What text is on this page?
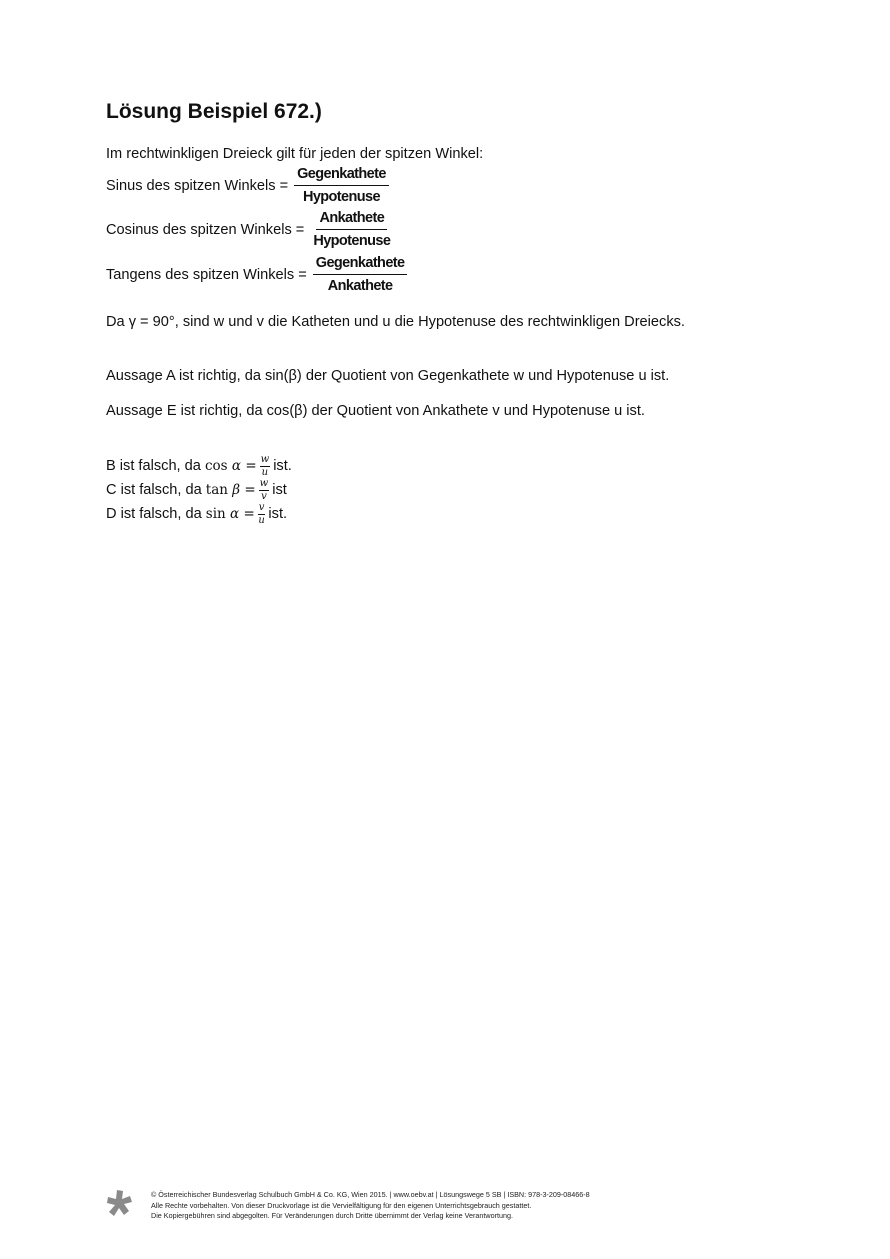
Lösung Beispiel 672.)
Im rechtwinkligen Dreieck gilt für jeden der spitzen Winkel:
Sinus des spitzen Winkels = $\frac{\text{Gegenkathete}}{\text{Hypotenuse}}$
Cosinus des spitzen Winkels = $\frac{\text{Ankathete}}{\text{Hypotenuse}}$
Tangens des spitzen Winkels = $\frac{\text{Gegenkathete}}{\text{Ankathete}}$
Da γ = 90°, sind w und v die Katheten und u die Hypotenuse des rechtwinkligen Dreiecks.
Aussage A ist richtig, da sin(β) der Quotient von Gegenkathete w und Hypotenuse u ist.
Aussage E ist richtig, da cos(β) der Quotient von Ankathete v und Hypotenuse u ist.
B ist falsch, da
$\cos \alpha = \frac{w}{u}$ ist.
C ist falsch, da
$\tan \beta = \frac{w}{v}$ ist
D ist falsch, da
$\sin \alpha = \frac{v}{u}$ ist.
© Österreichischer Bundesverlag Schulbuch GmbH & Co. KG, Wien 2015. | www.oebv.at | Lösungswege 5 SB | ISBN: 978-3-209-08466-8
Alle Rechte vorbehalten. Von dieser Druckvorlage ist die Vervielfältigung für den eigenen Unterrichtsgebrauch gestattet.
Die Kopiergebühren sind abgegolten. Für Veränderungen durch Dritte übernimmt der Verlag keine Verantwortung.
